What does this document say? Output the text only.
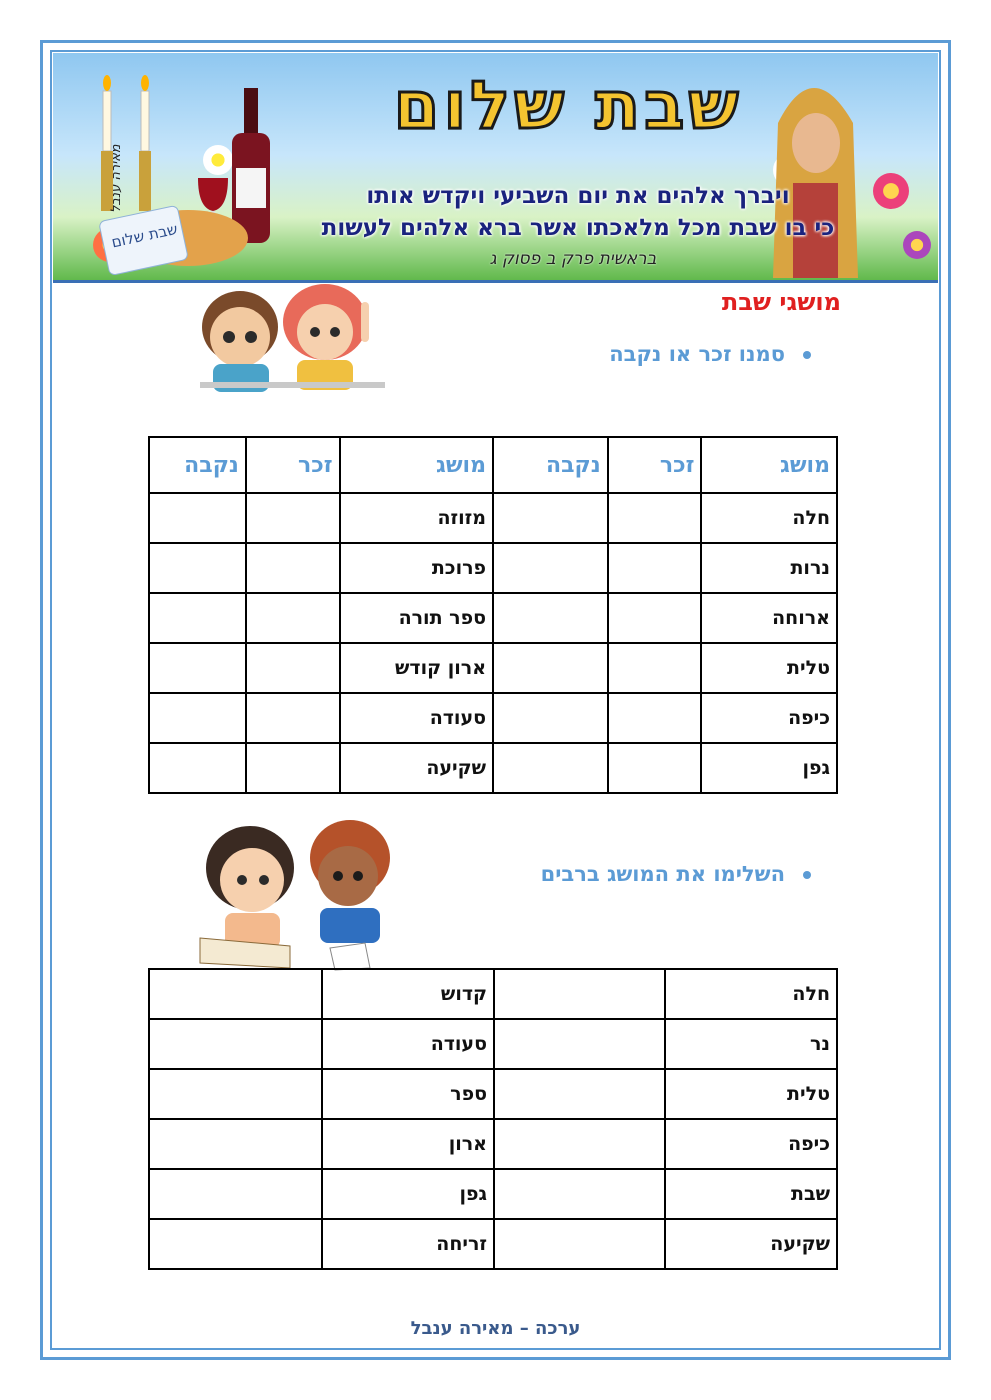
שבת שלום
שבת שלום
ויברך אלהים את יום השביעי ויקדש אותו
כי בו שבת מכל מלאכתו אשר ברא אלהים לעשות
בראשית פרק ב פסוק ג
מאירה ענבל
מושגי שבת
סמנו זכר או נקבה
מושג	זכר	נקבה	מושג	זכר	נקבה
חלה			מזוזה		
נרות			פרוכת		
ארוחה			ספר תורה		
טלית			ארון קודש		
כיפה			סעודה		
גפן			שקיעה		
השלימו את המושג ברבים
חלה		קדוש	
נר		סעודה	
טלית		ספר	
כיפה		ארון	
שבת		גפן	
שקיעה		זריחה	
ערכה – מאירה ענבל
